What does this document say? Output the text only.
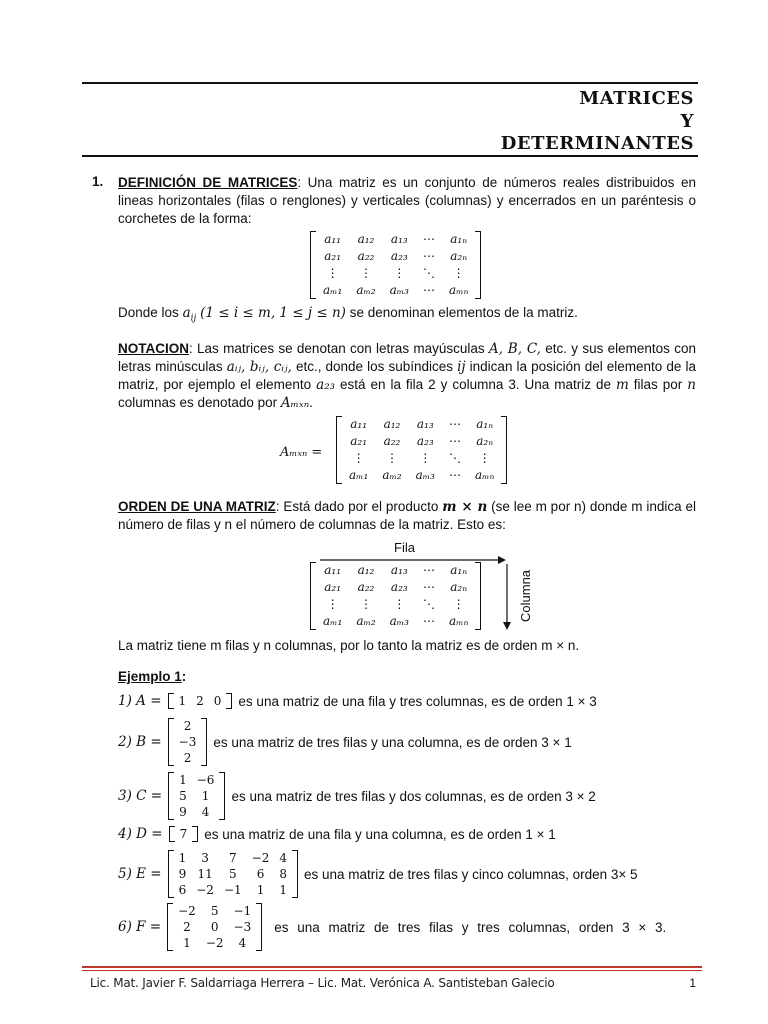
MATRICES
Y
DETERMINANTES
1. DEFINICIÓN DE MATRICES: Una matriz es un conjunto de números reales distribuidos en lineas horizontales (filas o renglones) y verticales (columnas) y encerrados en un paréntesis o corchetes de la forma:
a₁₁	a₁₂	a₁₃	⋯	a₁ₙ
a₂₁	a₂₂	a₂₃	⋯	a₂ₙ
⋮	⋮	⋮	⋱	⋮
aₘ₁	aₘ₂	aₘ₃	⋯	aₘₙ
Donde los $a_{ij}$ (1 ≤ i ≤ m, 1 ≤ j ≤ n) se denominan elementos de la matriz.
NOTACION: Las matrices se denotan con letras mayúsculas A, B, C, etc. y sus elementos con letras minúsculas aᵢⱼ, bᵢⱼ, cᵢⱼ, etc., donde los subíndices ij indican la posición del elemento de la matriz, por ejemplo el elemento a₂₃ está en la fila 2 y columna 3. Una matriz de m filas por n columnas es denotado por Aₘₓₙ.
Aₘₓₙ =
a₁₁	a₁₂	a₁₃	⋯	a₁ₙ
a₂₁	a₂₂	a₂₃	⋯	a₂ₙ
⋮	⋮	⋮	⋱	⋮
aₘ₁	aₘ₂	aₘ₃	⋯	aₘₙ
ORDEN DE UNA MATRIZ: Está dado por el producto m × n (se lee m por n) donde m indica el número de filas y n el número de columnas de la matriz. Esto es:
Fila
a₁₁	a₁₂	a₁₃	⋯	a₁ₙ
a₂₁	a₂₂	a₂₃	⋯	a₂ₙ
⋮	⋮	⋮	⋱	⋮
aₘ₁	aₘ₂	aₘ₃	⋯	aₘₙ	Columna
La matriz tiene m filas y n columnas, por lo tanto la matriz es de orden m × n.
Ejemplo 1:
1) A = 1	2	0 es una matriz de una fila y tres columnas, es de orden 1 × 3
2) B =
2
−3
2
es una matriz de tres filas y una columna, es de orden 3 × 1
3) C =
1	−6
5	1
9	4
es una matriz de tres filas y dos columnas, es de orden 3 × 2
4) D = 7 es una matriz de una fila y una columna, es de orden 1 × 1
5) E =
1	3	7	−2	4
9	11	5	6	8
6	−2	−1	1	1
es una matriz de tres filas y cinco columnas, orden 3× 5
6) F =
−2	5	−1
2	0	−3
1	−2	4
es una matriz de tres filas y tres columnas, orden 3 × 3.
Lic. Mat. Javier F. Saldarriaga Herrera – Lic. Mat. Verónica A. Santisteban Galecio	1
